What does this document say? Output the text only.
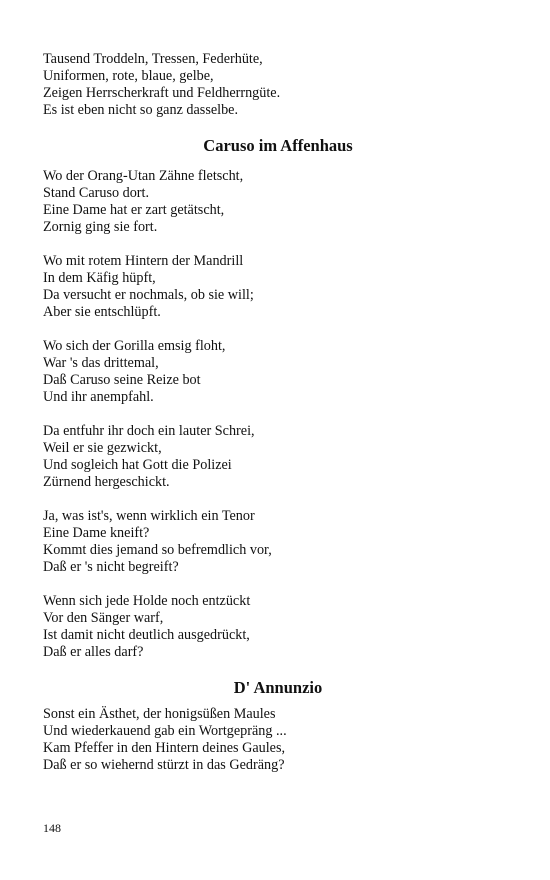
Tausend Troddeln, Tressen, Federhüte,
Uniformen, rote, blaue, gelbe,
Zeigen Herrscherkraft und Feldherrngüte.
Es ist eben nicht so ganz dasselbe.
Caruso im Affenhaus
Wo der Orang-Utan Zähne fletscht,
Stand Caruso dort.
Eine Dame hat er zart getätscht,
Zornig ging sie fort.
Wo mit rotem Hintern der Mandrill
In dem Käfig hüpft,
Da versucht er nochmals, ob sie will;
Aber sie entschlüpft.
Wo sich der Gorilla emsig floht,
War 's das drittemal,
Daß Caruso seine Reize bot
Und ihr anempfahl.
Da entfuhr ihr doch ein lauter Schrei,
Weil er sie gezwickt,
Und sogleich hat Gott die Polizei
Zürnend hergeschickt.
Ja, was ist's, wenn wirklich ein Tenor
Eine Dame kneift?
Kommt dies jemand so befremdlich vor,
Daß er 's nicht begreift?
Wenn sich jede Holde noch entzückt
Vor den Sänger warf,
Ist damit nicht deutlich ausgedrückt,
Daß er alles darf?
D' Annunzio
Sonst ein Ästhet, der honigsüßen Maules
Und wiederkauend gab ein Wortgepräng ...
Kam Pfeffer in den Hintern deines Gaules,
Daß er so wiehernd stürzt in das Gedräng?
148
